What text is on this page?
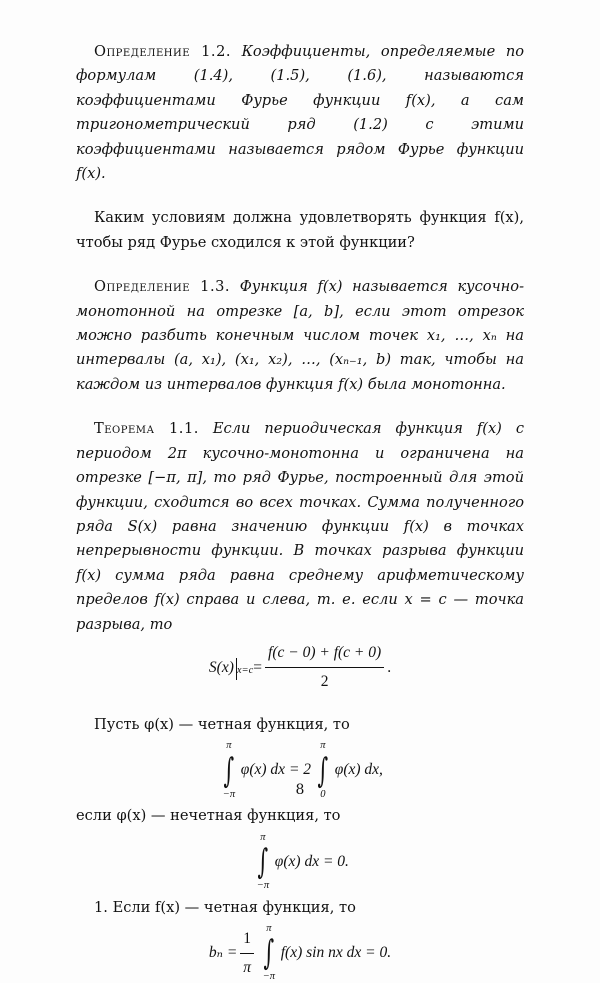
Определение 1.2. Коэффициенты, определяемые по формулам (1.4), (1.5), (1.6), называются коэффициентами Фурье функции f(x), а сам тригонометрический ряд (1.2) с этими коэффициентами называется рядом Фурье функции f(x).

Каким условиям должна удовлетворять функция f(x), чтобы ряд Фурье сходился к этой функции?

Определение 1.3. Функция f(x) называется кусочно-монотонной на отрезке [a, b], если этот отрезок можно разбить конечным числом точек x₁, …, xₙ на интервалы (a, x₁), (x₁, x₂), …, (xₙ₋₁, b) так, чтобы на каждом из интервалов функция f(x) была монотонна.

Теорема 1.1. Если периодическая функция f(x) с периодом 2π кусочно-монотонна и ограничена на отрезке [−π, π], то ряд Фурье, построенный для этой функции, сходится во всех точках. Сумма полученного ряда S(x) равна значению функции f(x) в точках непрерывности функции. В точках разрыва функции f(x) сумма ряда равна среднему арифметическому пределов f(x) справа и слева, т. е. если x = c — точка разрыва, то

S(x) $_{x=c} = \frac{f(c - 0) + f(c + 0)}{2}$ .

Пусть φ(x) — четная функция, то

π
∫
−π
φ(x) dx = 2
π
∫
0
φ(x) dx,

если φ(x) — нечетная функция, то

π
∫
−π
φ(x) dx = 0.

1. Если f(x) — четная функция, то

$b_n = \frac{1}{\pi}$ π
∫
−π
f(x) sin nx dx = 0.
8
